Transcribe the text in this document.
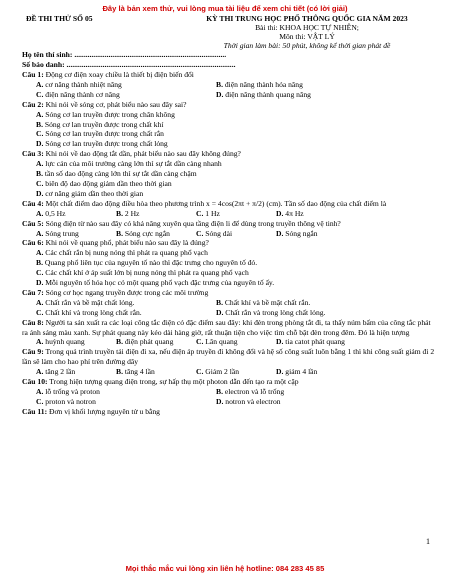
Đây là bản xem thử, vui lòng mua tài liệu để xem chi tiết (có lời giải)
ĐỀ THI THỬ SỐ 05	KỲ THI TRUNG HỌC PHỔ THÔNG QUỐC GIA NĂM 2023
Bài thi: KHOA HỌC TỰ NHIÊN;
Môn thi: VẬT LÝ
Thời gian làm bài: 50 phút, không kể thời gian phát đề
Họ tên thí sinh: ................................................................................
Số báo danh: .........................................................................................
Câu 1: Động cơ điện xoay chiều là thiết bị điện biến đổi
A. cơ năng thành nhiệt năng	B. điện năng thành hóa năng
C. điện năng thành cơ năng	D. điện năng thành quang năng
Câu 2: Khi nói về sóng cơ, phát biểu nào sau đây sai?
A. Sóng cơ lan truyền được trong chân không
B. Sóng cơ lan truyền được trong chất khí
C. Sóng cơ lan truyền được trong chất rắn
D. Sóng cơ lan truyền được trong chất lỏng
Câu 3: Khi nói về dao động tắt dần, phát biểu nào sau đây không đúng?
A. lực cản của môi trường càng lớn thì sự tắt dần càng nhanh
B. tần số dao động càng lớn thì sự tắt dần càng chậm
C. biên độ dao động giảm dần theo thời gian
D. cơ năng giảm dần theo thời gian
Câu 4: Một chất điểm dao động điều hòa theo phương trình x = 4cos(2πt + π/2) (cm). Tần số dao động của chất điểm là
A. 0,5 Hz	B. 2 Hz	C. 1 Hz	D. 4π Hz
Câu 5: Sóng điện từ nào sau đây có khả năng xuyên qua tầng điện li để dùng trong truyền thông vệ tinh?
A. Sóng trung	B. Sóng cực ngắn	C. Sóng dài	D. Sóng ngắn
Câu 6: Khi nói về quang phổ, phát biểu nào sau đây là đúng?
A. Các chất rắn bị nung nóng thì phát ra quang phổ vạch
B. Quang phổ liên tục của nguyên tố nào thì đặc trưng cho nguyên tố đó.
C. Các chất khí ở áp suất lớn bị nung nóng thì phát ra quang phổ vạch
D. Mỗi nguyên tố hóa học có một quang phổ vạch đặc trưng của nguyên tố ấy.
Câu 7: Sóng cơ học ngang truyền được trong các môi trường
A. Chất rắn và bề mặt chất lỏng.	B. Chất khí và bề mặt chất rắn.
C. Chất khí và trong lòng chất rắn.	D. Chất rắn và trong lòng chất lỏng.
Câu 8: Người ta sản xuất ra các loại công tắc điện có đặc điểm sau đây: khi đèn trong phòng tắt đi, ta thấy núm bấm của công tắc phát ra ánh sáng màu xanh. Sự phát quang này kéo dài hàng giờ, rất thuận tiện cho việc tìm chỗ bật đèn trong đêm. Đó là hiện tượng
A. huỳnh quang	B. điện phát quang	C. Lân quang	D. tia catot phát quang
Câu 9: Trong quá trình truyền tải điện đi xa, nếu điện áp truyền đi không đổi và hệ số công suất luôn bằng 1 thì khi công suất giảm đi 2 lần sẽ làm cho hao phí trên đường dây
A. tăng 2 lần	B. tăng 4 lần	C. Giảm 2 lần	D. giảm 4 lần
Câu 10: Trong hiện tượng quang điện trong, sự hấp thụ một photon dẫn đến tạo ra một cặp
A. lỗ trống và proton	B. electron và lỗ trống
C. proton và notron	D. notron và electron
Câu 11: Đơn vị khối lượng nguyên tử u bằng
1
Mọi thắc mắc vui lòng xin liên hệ hotline: 084 283 45 85
